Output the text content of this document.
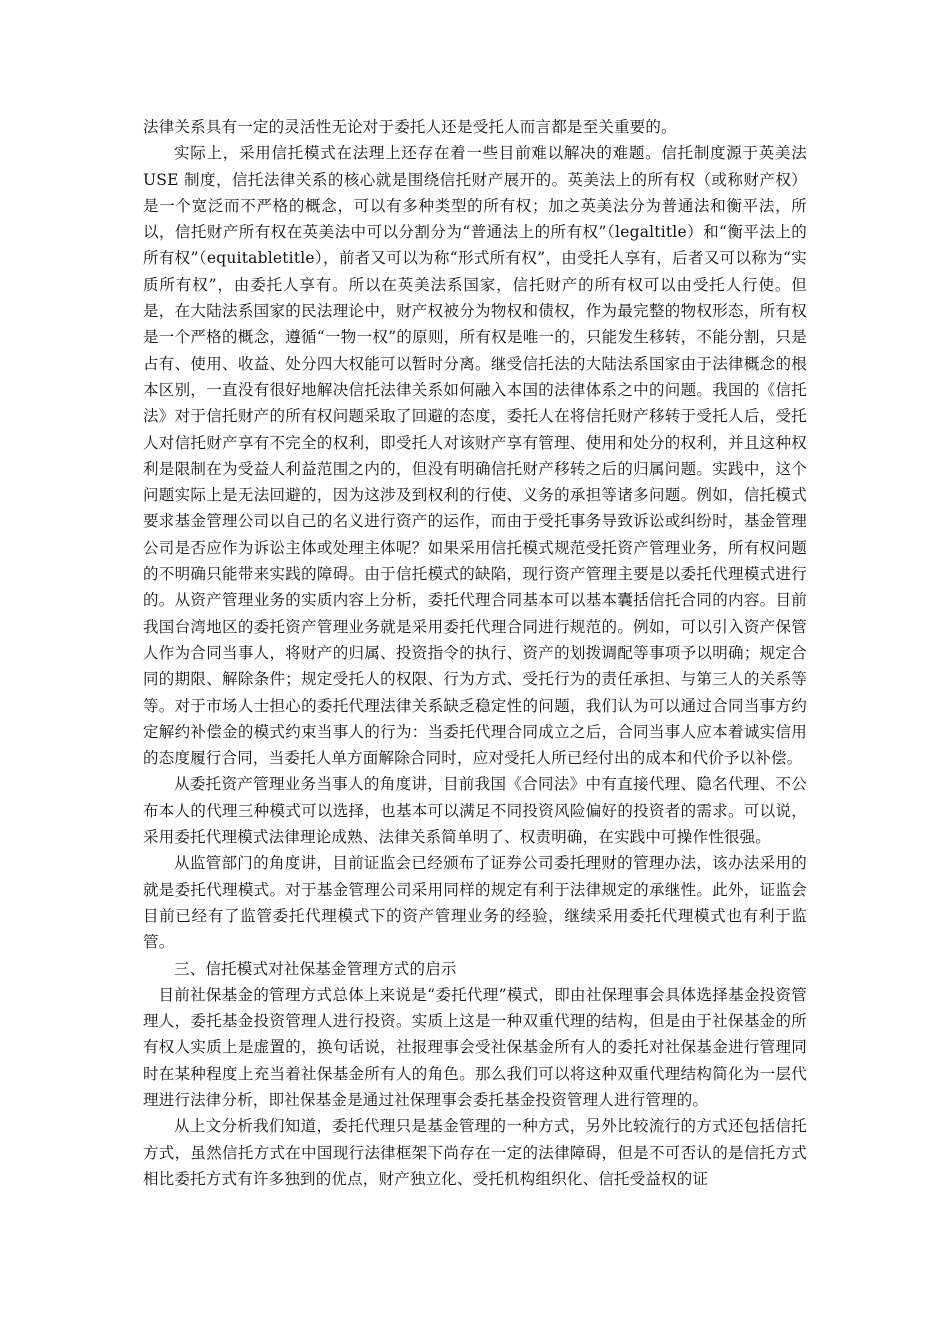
法律关系具有一定的灵活性无论对于委托人还是受托人而言都是至关重要的。

实际上，采用信托模式在法理上还存在着一些目前难以解决的难题。信托制度源于英美法 USE 制度，信托法律关系的核心就是围绕信托财产展开的。英美法上的所有权（或称财产权）是一个宽泛而不严格的概念，可以有多种类型的所有权；加之英美法分为普通法和衡平法，所以，信托财产所有权在英美法中可以分割分为“普通法上的所有权”（legaltitle）和“衡平法上的所有权”（equitabletitle），前者又可以为称“形式所有权”，由受托人享有，后者又可以称为“实质所有权”，由委托人享有。所以在英美法系国家，信托财产的所有权可以由受托人行使。但是，在大陆法系国家的民法理论中，财产权被分为物权和债权，作为最完整的物权形态，所有权是一个严格的概念，遵循“一物一权”的原则，所有权是唯一的，只能发生移转，不能分割，只是占有、使用、收益、处分四大权能可以暂时分离。继受信托法的大陆法系国家由于法律概念的根本区别，一直没有很好地解决信托法律关系如何融入本国的法律体系之中的问题。我国的《信托法》对于信托财产的所有权问题采取了回避的态度，委托人在将信托财产移转于受托人后，受托人对信托财产享有不完全的权利，即受托人对该财产享有管理、使用和处分的权利，并且这种权利是限制在为受益人利益范围之内的，但没有明确信托财产移转之后的归属问题。实践中，这个问题实际上是无法回避的，因为这涉及到权利的行使、义务的承担等诸多问题。例如，信托模式要求基金管理公司以自己的名义进行资产的运作，而由于受托事务导致诉讼或纠纷时，基金管理公司是否应作为诉讼主体或处理主体呢？如果采用信托模式规范受托资产管理业务，所有权问题的不明确只能带来实践的障碍。由于信托模式的缺陷，现行资产管理主要是以委托代理模式进行的。从资产管理业务的实质内容上分析，委托代理合同基本可以基本囊括信托合同的内容。目前我国台湾地区的委托资产管理业务就是采用委托代理合同进行规范的。例如，可以引入资产保管人作为合同当事人，将财产的归属、投资指令的执行、资产的划拨调配等事项予以明确；规定合同的期限、解除条件；规定受托人的权限、行为方式、受托行为的责任承担、与第三人的关系等等。对于市场人士担心的委托代理法律关系缺乏稳定性的问题，我们认为可以通过合同当事方约定解约补偿金的模式约束当事人的行为：当委托代理合同成立之后，合同当事人应本着诚实信用的态度履行合同，当委托人单方面解除合同时，应对受托人所已经付出的成本和代价予以补偿。

从委托资产管理业务当事人的角度讲，目前我国《合同法》中有直接代理、隐名代理、不公布本人的代理三种模式可以选择，也基本可以满足不同投资风险偏好的投资者的需求。可以说，采用委托代理模式法律理论成熟、法律关系简单明了、权责明确，在实践中可操作性很强。

从监管部门的角度讲，目前证监会已经颁布了证券公司委托理财的管理办法，该办法采用的就是委托代理模式。对于基金管理公司采用同样的规定有利于法律规定的承继性。此外，证监会目前已经有了监管委托代理模式下的资产管理业务的经验，继续采用委托代理模式也有利于监管。

三、信托模式对社保基金管理方式的启示

目前社保基金的管理方式总体上来说是“委托代理”模式，即由社保理事会具体选择基金投资管理人，委托基金投资管理人进行投资。实质上这是一种双重代理的结构，但是由于社保基金的所有权人实质上是虚置的，换句话说，社报理事会受社保基金所有人的委托对社保基金进行管理同时在某种程度上充当着社保基金所有人的角色。那么我们可以将这种双重代理结构简化为一层代理进行法律分析，即社保基金是通过社保理事会委托基金投资管理人进行管理的。

从上文分析我们知道，委托代理只是基金管理的一种方式，另外比较流行的方式还包括信托方式，虽然信托方式在中国现行法律框架下尚存在一定的法律障碍，但是不可否认的是信托方式相比委托方式有许多独到的优点，财产独立化、受托机构组织化、信托受益权的证
